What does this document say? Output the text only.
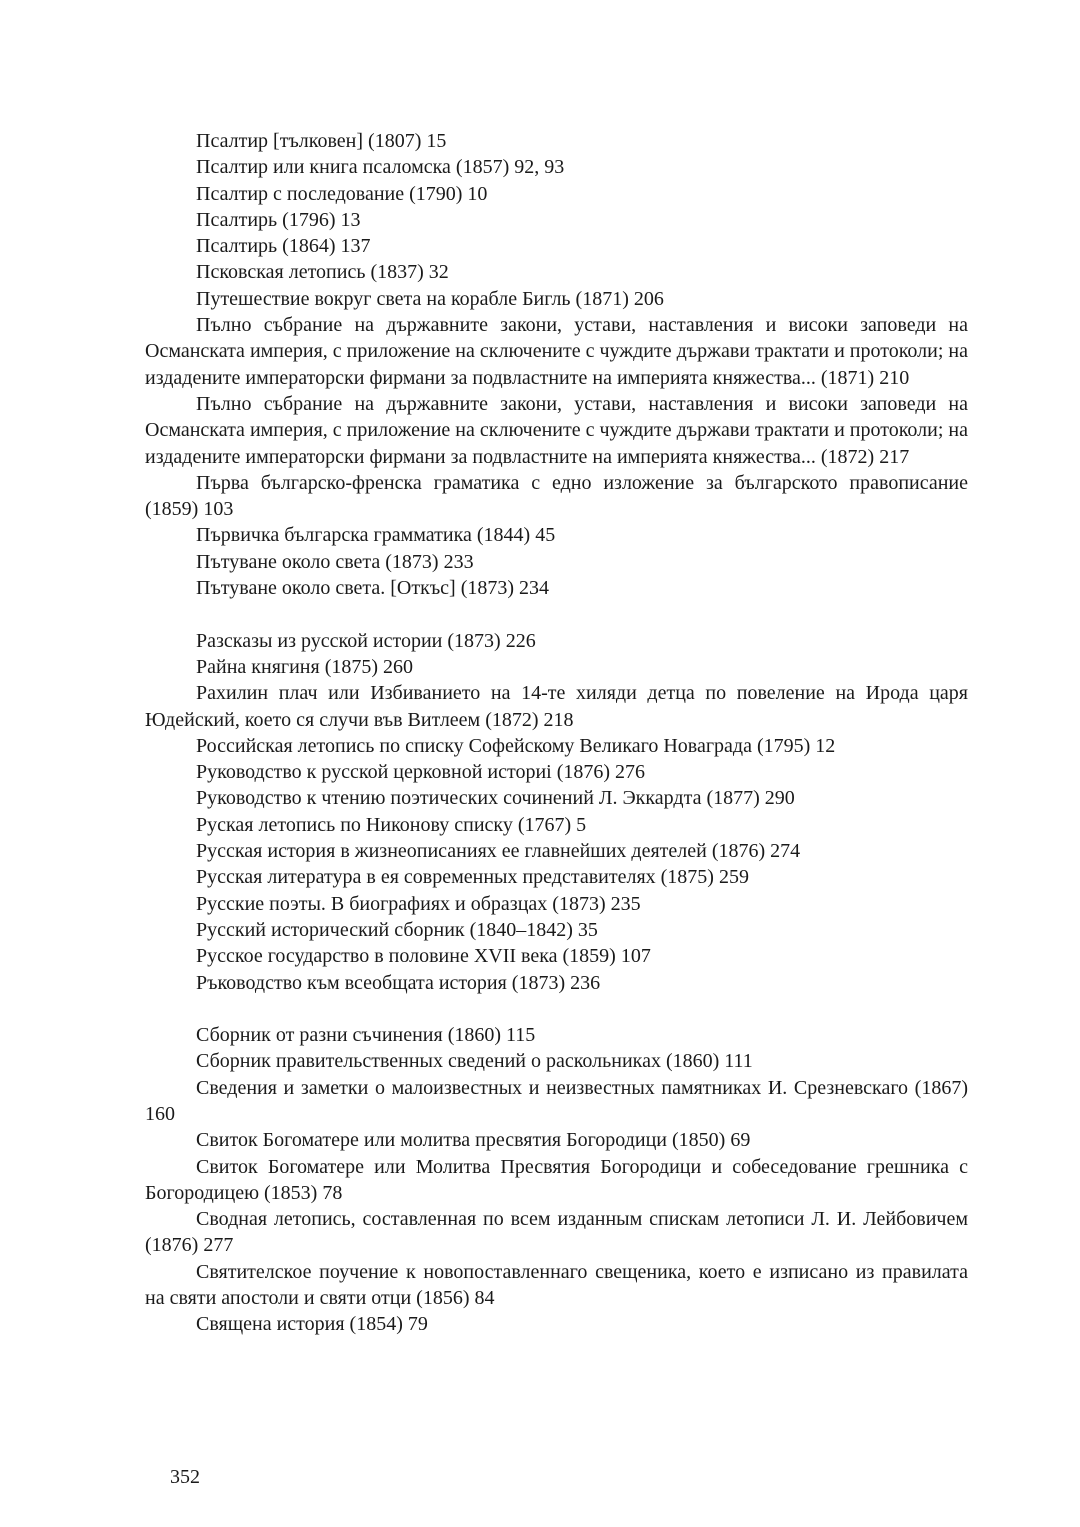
Псалтир [тълковен] (1807) 15

Псалтир или книга псаломска (1857) 92, 93

Псалтир с последование (1790) 10

Псалтирь (1796) 13

Псалтирь (1864) 137

Псковская летопись (1837) 32

Путешествие вокруг света на корабле Бигль (1871) 206

Пълно събрание на държавните закони, устави, наставления и високи заповеди на Османската империя, с приложение на сключените с чуждите държави трактати и протоколи; на издадените императорски фирмани за подвластните на империята княжества... (1871) 210

Пълно събрание на държавните закони, устави, наставления и високи заповеди на Османската империя, с приложение на сключените с чуждите държави трактати и протоколи; на издадените императорски фирмани за подвластните на империята княжества... (1872) 217

Първа българско-френска граматика с едно изложение за българското правописание (1859) 103

Първичка българска грамматика (1844) 45

Пътуване около света (1873) 233

Пътуване около света. [Откъс] (1873) 234

Разсказы из русской истории (1873) 226

Райна княгиня (1875) 260

Рахилин плач или Избиванието на 14-те хиляди детца по повеление на Ирода царя Юдейский, което ся случи във Витлеем (1872) 218

Российская летопись по списку Софейскому Великаго Новаграда (1795) 12

Руководство к русской церковной историi (1876) 276

Руководство к чтению поэтических сочинений Л. Эккардта (1877) 290

Руская летопись по Никонову списку (1767) 5

Русская история в жизнеописаниях ее главнейших деятелей (1876) 274

Русская литература в ея современных представителях (1875) 259

Русские поэты. В биографиях и образцах (1873) 235

Русский исторический сборник (1840–1842) 35

Русское государство в половине XVII века (1859) 107

Ръководство към всеобщата история (1873) 236

Сборник от разни съчинения (1860) 115

Сборник правительственных сведений о раскольниках (1860) 111

Сведения и заметки о малоизвестных и неизвестных памятниках И. Срезневскаго (1867) 160

Свиток Богоматере или молитва пресвятия Богородици (1850) 69

Свиток Богоматере или Молитва Пресвятия Богородици и собеседование грешника с Богородицею (1853) 78

Сводная летопись, составленная по всем изданным спискам летописи Л. И. Лейбовичем (1876) 277

Святителское поучение к новопоставленнаго свещеника, което е изписано из правилата на святи апостоли и святи отци (1856) 84

Священа история (1854) 79

352
